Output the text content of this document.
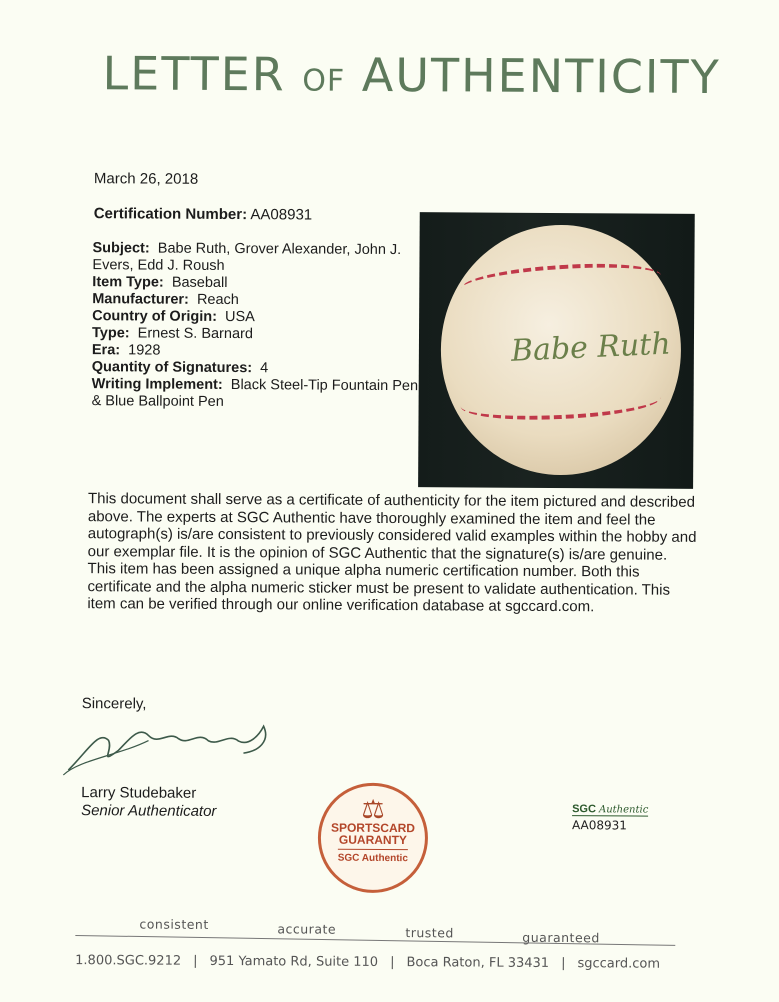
LETTER OF AUTHENTICITY
March 26, 2018
Certification Number: AA08931
Subject: Babe Ruth, Grover Alexander, John J. Evers, Edd J. Roush
Item Type: Baseball
Manufacturer: Reach
Country of Origin: USA
Type: Ernest S. Barnard
Era: 1928
Quantity of Signatures: 4
Writing Implement: Black Steel-Tip Fountain Pen & Blue Ballpoint Pen
Babe Ruth
This document shall serve as a certificate of authenticity for the item pictured and described above. The experts at SGC Authentic have thoroughly examined the item and feel the autograph(s) is/are consistent to previously considered valid examples within the hobby and our exemplar file. It is the opinion of SGC Authentic that the signature(s) is/are genuine. This item has been assigned a unique alpha numeric certification number. Both this certificate and the alpha numeric sticker must be present to validate authentication. This item can be verified through our online verification database at sgccard.com.
Sincerely,
Larry Studebaker
Senior Authenticator	⚖
SPORTSCARD
GUARANTY
SGC Authentic
SGC Authentic
AA08931
consistent	accurate	trusted	guaranteed
1.800.SGC.9212 | 951 Yamato Rd, Suite 110 | Boca Raton, FL 33431 | sgccard.com
